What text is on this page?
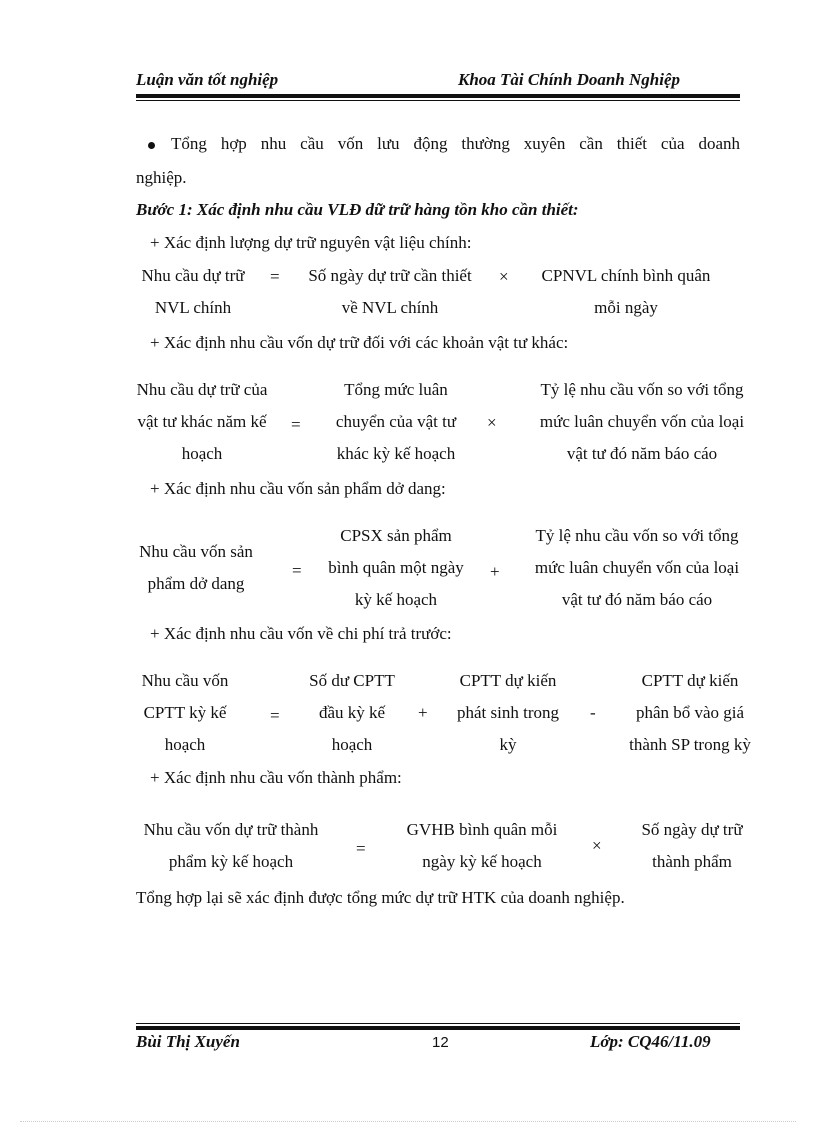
Luận văn tốt nghiệp	Khoa Tài Chính Doanh Nghiệp
Tổng hợp nhu cầu vốn lưu động thường xuyên cần thiết của doanh
nghiệp.
Bước 1: Xác định nhu cầu VLĐ dữ trữ hàng tồn kho cần thiết:
+ Xác định lượng dự trữ nguyên vật liệu chính:
Nhu cầu dự trữ
NVL chính
=	Số ngày dự trữ cần thiết
về NVL chính
×	CPNVL chính bình quân
mỗi ngày
+ Xác định nhu cầu vốn dự trữ đối với các khoản vật tư khác:
Nhu cầu dự trữ của
vật tư khác năm kế
hoạch
=
Tổng mức luân
chuyển của vật tư
khác kỳ kế hoạch
×
Tỷ lệ nhu cầu vốn so với tổng
mức luân chuyển vốn của loại
vật tư đó năm báo cáo
+ Xác định nhu cầu vốn sản phẩm dở dang:
Nhu cầu vốn sản
phẩm dở dang
=
CPSX sản phẩm
bình quân một ngày
kỳ kế hoạch
+
Tỷ lệ nhu cầu vốn so với tổng
mức luân chuyển vốn của loại
vật tư đó năm báo cáo
+ Xác định nhu cầu vốn về chi phí trả trước:
Nhu cầu vốn
CPTT kỳ kế
hoạch
=
Số dư CPTT
đầu kỳ kế
hoạch
+
CPTT dự kiến
phát sinh trong
kỳ
-
CPTT dự kiến
phân bổ vào giá
thành SP trong kỳ
+ Xác định nhu cầu vốn thành phẩm:
Nhu cầu vốn dự trữ thành
phẩm kỳ kế hoạch
=
GVHB bình quân mỗi
ngày kỳ kế hoạch
×
Số ngày dự trữ
thành phẩm
Tổng hợp lại sẽ xác định được tổng mức dự trữ HTK của doanh nghiệp.
Bùi Thị Xuyến	12	Lớp: CQ46/11.09
